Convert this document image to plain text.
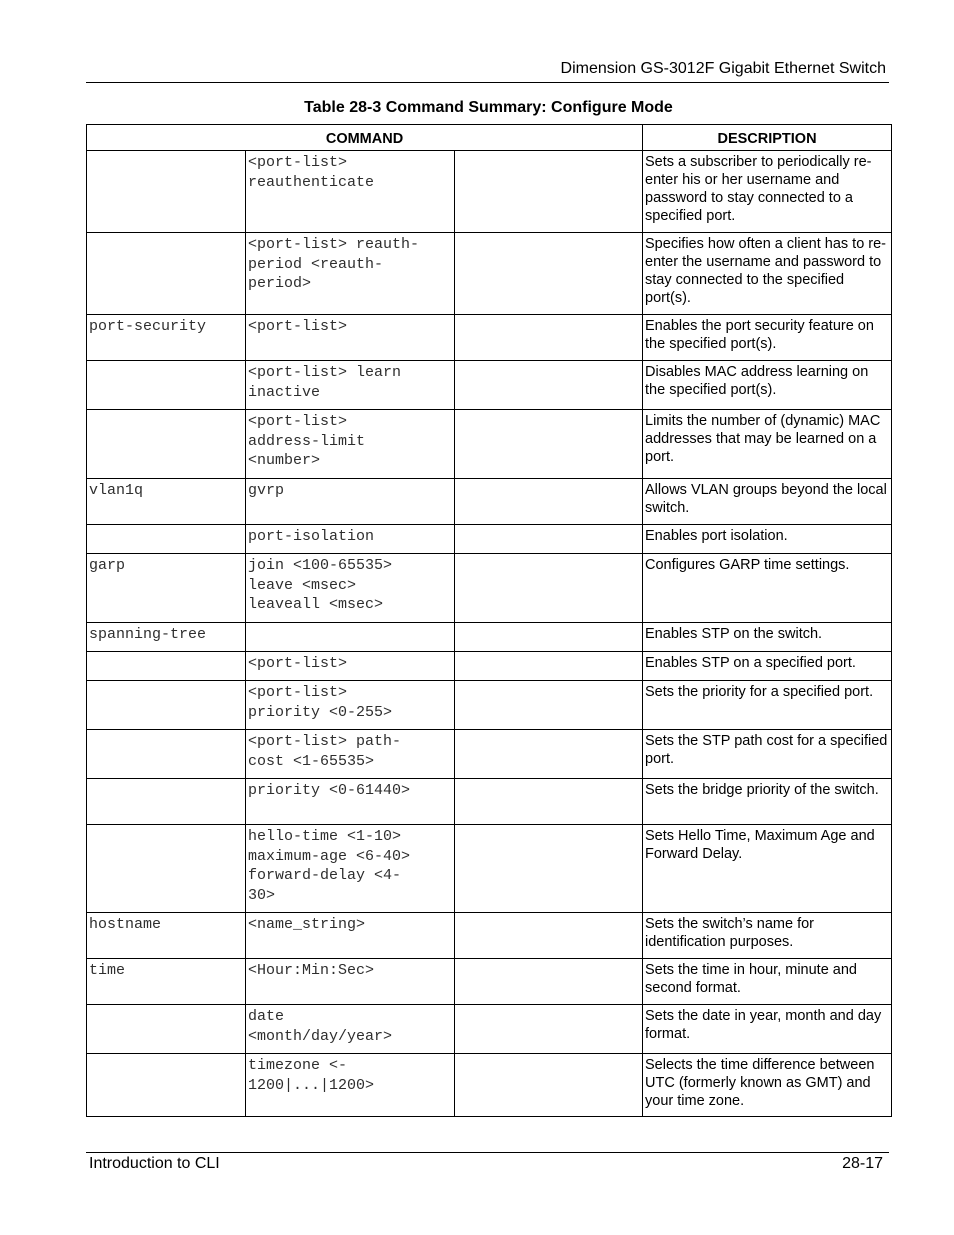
Dimension GS-3012F Gigabit Ethernet Switch
Table 28-3 Command Summary: Configure Mode
COMMAND			DESCRIPTION
	<port-list>
reauthenticate		Sets a subscriber to periodically re-enter his or her username and password to stay connected to a specified port.
	<port-list> reauth-
period <reauth-
period>		Specifies how often a client has to re-enter the username and password to stay connected to the specified port(s).
port-security	<port-list>		Enables the port security feature on the specified port(s).
	<port-list> learn
inactive		Disables MAC address learning on the specified port(s).
	<port-list>
address-limit
<number>		Limits the number of (dynamic) MAC addresses that may be learned on a port.
vlan1q	gvrp		Allows VLAN groups beyond the local switch.
	port-isolation		Enables port isolation.
garp	join <100-65535>
leave <msec>
leaveall <msec>		Configures GARP time settings.
spanning-tree			Enables STP on the switch.
	<port-list>		Enables STP on a specified port.
	<port-list>
priority <0-255>		Sets the priority for a specified port.
	<port-list> path-
cost <1-65535>		Sets the STP path cost for a specified port.
	priority <0-61440>		Sets the bridge priority of the switch.
	hello-time <1-10>
maximum-age <6-40>
forward-delay <4-
30>		Sets Hello Time, Maximum Age and Forward Delay.
hostname	<name_string>		Sets the switch’s name for identification purposes.
time	<Hour:Min:Sec>		Sets the time in hour, minute and second format.
	date
<month/day/year>		Sets the date in year, month and day format.
	timezone <-
1200|...|1200>		Selects the time difference between UTC (formerly known as GMT) and your time zone.
Introduction to CLI	28-17
